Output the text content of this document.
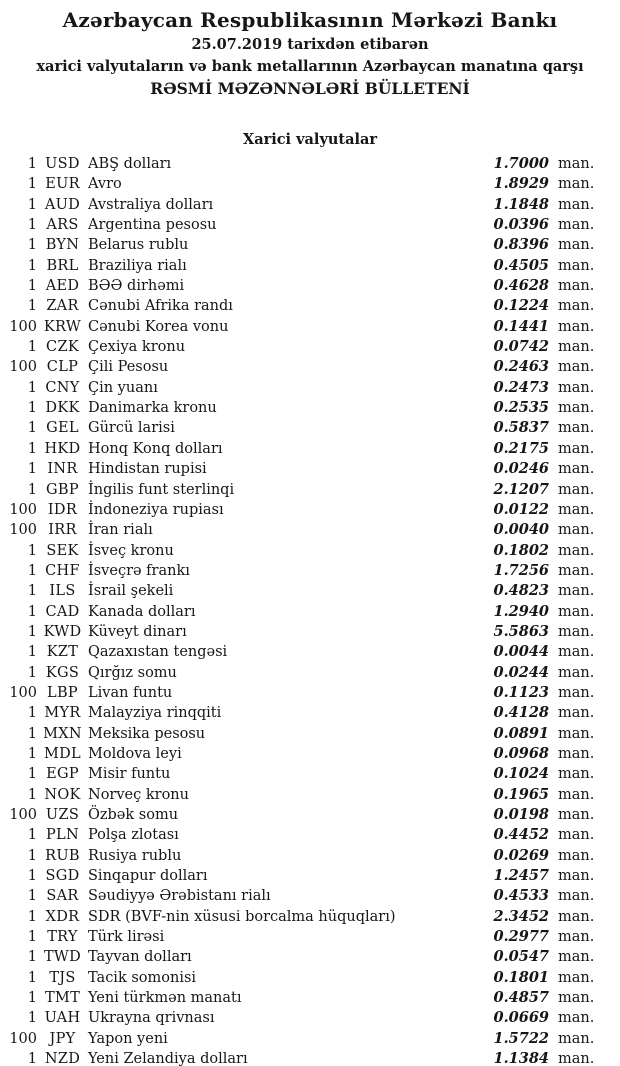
Azərbaycan Respublikasının Mərkəzi Bankı
25.07.2019 tarixdən etibarən
xarici valyutaların və bank metallarının Azərbaycan manatına qarşı
RƏSMİ MƏZƏNNƏLƏRİ BÜLLETENİ
Xarici valyutalar
1 USD ABŞ dolları	1.7000 man.
1 EUR Avro	1.8929 man.
1 AUD Avstraliya dolları	1.1848 man.
1 ARS Argentina pesosu	0.0396 man.
1 BYN Belarus rublu	0.8396 man.
1 BRL Braziliya rialı	0.4505 man.
1 AED BƏƏ dirhəmi	0.4628 man.
1 ZAR Cənubi Afrika randı	0.1224 man.
100 KRW Cənubi Korea vonu	0.1441 man.
1 CZK Çexiya kronu	0.0742 man.
100 CLP Çili Pesosu	0.2463 man.
1 CNY Çin yuanı	0.2473 man.
1 DKK Danimarka kronu	0.2535 man.
1 GEL Gürcü larisi	0.5837 man.
1 HKD Honq Konq dolları	0.2175 man.
1 INR Hindistan rupisi	0.0246 man.
1 GBP İngilis funt sterlinqi	2.1207 man.
100 IDR İndoneziya rupiası	0.0122 man.
100 IRR İran rialı	0.0040 man.
1 SEK İsveç kronu	0.1802 man.
1 CHF İsveçrə frankı	1.7256 man.
1 ILS İsrail şekeli	0.4823 man.
1 CAD Kanada dolları	1.2940 man.
1 KWD Küveyt dinarı	5.5863 man.
1 KZT Qazaxıstan tengəsi	0.0044 man.
1 KGS Qırğız somu	0.0244 man.
100 LBP Livan funtu	0.1123 man.
1 MYR Malayziya rinqqiti	0.4128 man.
1 MXN Meksika pesosu	0.0891 man.
1 MDL Moldova leyi	0.0968 man.
1 EGP Misir funtu	0.1024 man.
1 NOK Norveç kronu	0.1965 man.
100 UZS Özbək somu	0.0198 man.
1 PLN Polşa zlotası	0.4452 man.
1 RUB Rusiya rublu	0.0269 man.
1 SGD Sinqapur dolları	1.2457 man.
1 SAR Səudiyyə Ərəbistanı rialı	0.4533 man.
1 XDR SDR (BVF-nin xüsusi borcalma hüquqları)	2.3452 man.
1 TRY Türk lirəsi	0.2977 man.
1 TWD Tayvan dolları	0.0547 man.
1 TJS Tacik somonisi	0.1801 man.
1 TMT Yeni türkmən manatı	0.4857 man.
1 UAH Ukrayna qrivnası	0.0669 man.
100 JPY Yapon yeni	1.5722 man.
1 NZD Yeni Zelandiya dolları	1.1384 man.
